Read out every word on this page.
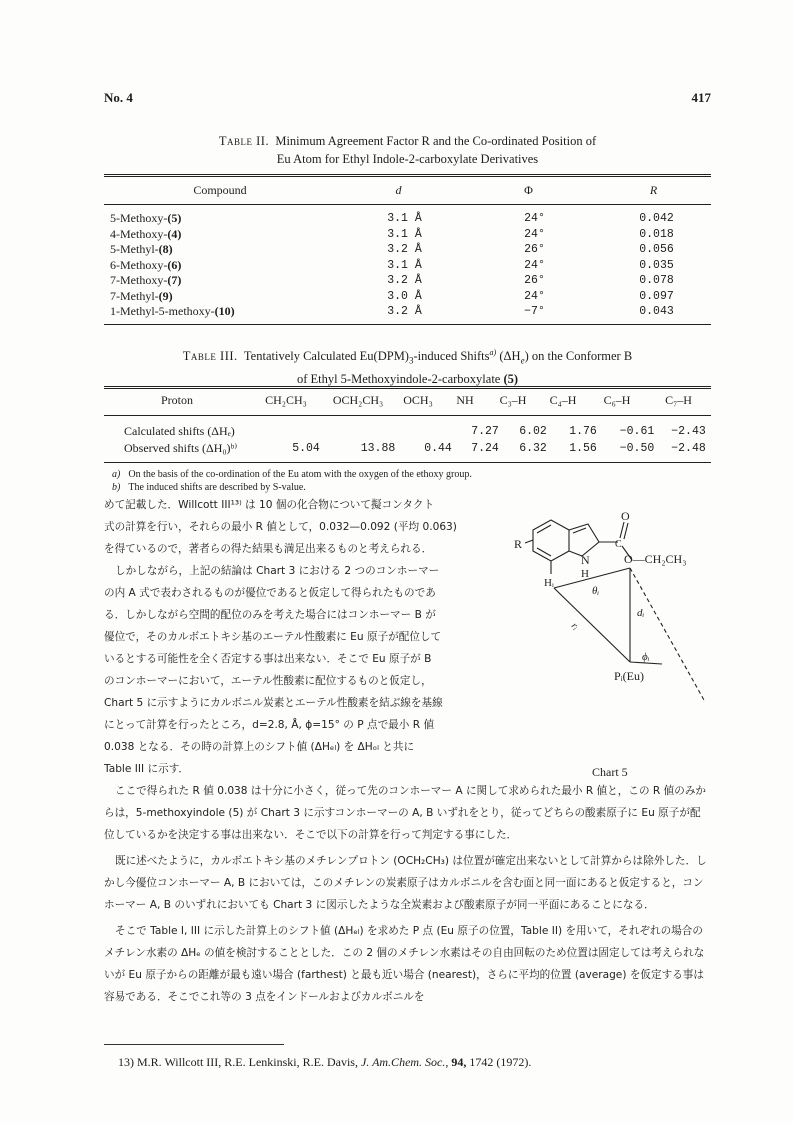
No. 4	417
Table II. Minimum Agreement Factor R and the Co-ordinated Position of
Eu Atom for Ethyl Indole-2-carboxylate Derivatives
Compound	d	Φ	R
5-Methoxy-(5)	3.1 Å	24°	0.042
4-Methoxy-(4)	3.1 Å	24°	0.018
5-Methyl-(8)	3.2 Å	26°	0.056
6-Methoxy-(6)	3.1 Å	24°	0.035
7-Methoxy-(7)	3.2 Å	26°	0.078
7-Methyl-(9)	3.0 Å	24°	0.097
1-Methyl-5-methoxy-(10)	3.2 Å	−7°	0.043
Table III. Tentatively Calculated $Eu(DPM)_3$-induced Shifts$^{a)}$ $(\Delta H_e)$ on the Conformer B
of Ethyl 5-Methoxyindole-2-carboxylate (5)
Proton	CH₂CH₃	OCH₂CH₃	OCH₃	NH	C₃–H	C₄–H	C₆–H	C₇–H
Calculated shifts (ΔHₑ)				7.27	6.02	1.76	−0.61	−2.43
Observed shifts (ΔH₀)ᵇ⁾	5.04	13.88	0.44	7.24	6.32	1.56	−0.50	−2.48
a) On the basis of the co-ordination of the Eu atom with the oxygen of the ethoxy group.
b) The induced shifts are described by S-value.

めて記載した．Willcott III¹³⁾ は 10 個の化合物について擬コンタクト

式の計算を行い，それらの最小 R 値として，0.032—0.092 (平均 0.063)

を得ているので，著者らの得た結果も満足出来るものと考えられる．

しかしながら，上記の結論は Chart 3 における 2 つのコンホーマー

の内 A 式で表わされるものが優位であると仮定して得られたものであ

る．しかしながら空間的配位のみを考えた場合にはコンホーマー B が

優位で，そのカルボエトキシ基のエーテル性酸素に Eu 原子が配位して

いるとする可能性を全く否定する事は出来ない．そこで Eu 原子が B

のコンホーマーにおいて，エーテル性酸素に配位するものと仮定し，

Chart 5 に示すようにカルボニル炭素とエーテル性酸素を結ぶ線を基線

にとって計算を行ったところ，d=2.8, Å, ϕ=15° の P 点で最小 R 値

0.038 となる．その時の計算上のシフト値 (ΔHₑₗ) を ΔHₒₗ と共に

Table III に示す．

R
O
C
N
H
Hᵢ
O—CH₂CH₃
θᵢ
rᵢ
dᵢ
ϕᵢ
Pᵢ(Eu)
Chart 5

ここで得られた R 値 0.038 は十分に小さく，従って先のコンホーマー A に関して求められた最小 R 値と，この R 値のみからは，5-methoxyindole (5) が Chart 3 に示すコンホーマーの A, B いずれをとり，従ってどちらの酸素原子に Eu 原子が配位しているかを決定する事は出来ない．そこで以下の計算を行って判定する事にした．

既に述べたように，カルボエトキシ基のメチレンプロトン (OCH₂CH₃) は位置が確定出来ないとして計算からは除外した．しかし今優位コンホーマー A, B においては，このメチレンの炭素原子はカルボニルを含む面と同一面にあると仮定すると，コンホーマー A, B のいずれにおいても Chart 3 に図示したような全炭素および酸素原子が同一平面にあることになる．

そこで Table I, III に示した計算上のシフト値 (ΔHₑₗ) を求めた P 点 (Eu 原子の位置，Table II) を用いて，それぞれの場合のメチレン水素の ΔHₑ の値を検討することとした．この 2 個のメチレン水素はその自由回転のため位置は固定しては考えられないが Eu 原子からの距離が最も遠い場合 (farthest) と最も近い場合 (nearest)，さらに平均的位置 (average) を仮定する事は容易である．そこでこれ等の 3 点をインドールおよびカルボニルを

13) M.R. Willcott III, R.E. Lenkinski, R.E. Davis, J. Am.Chem. Soc., 94, 1742 (1972).
